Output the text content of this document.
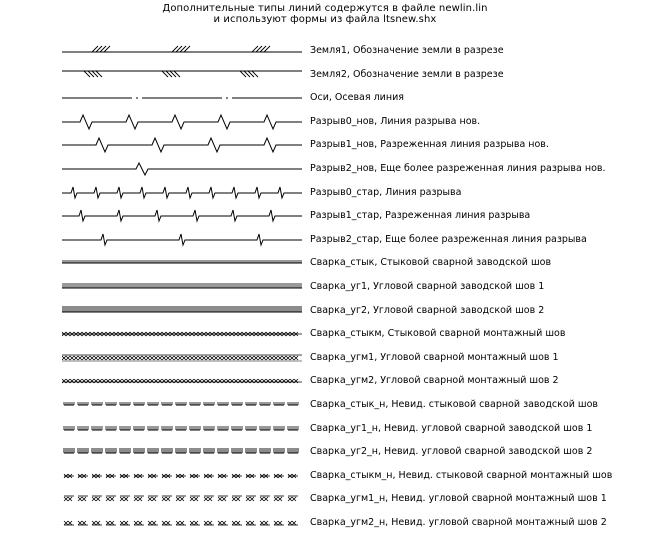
Дополнительные типы линий содержутся в файле newlin.lin
и используют формы из файла ltsnew.shx
Земля1, Обозначение земли в разрезе
Земля2, Обозначение земли в разрезе
Оси, Осевая линия
Разрыв0_нов, Линия разрыва нов.
Разрыв1_нов, Разреженная линия разрыва нов.
Разрыв2_нов, Еще более разреженная линия разрыва нов.
Разрыв0_стар, Линия разрыва
Разрыв1_стар, Разреженная линия разрыва
Разрыв2_стар, Еще более разреженная линия разрыва
Сварка_стык, Стыковой сварной заводской шов
Сварка_уг1, Угловой сварной заводской шов 1
Сварка_уг2, Угловой сварной заводской шов 2
Сварка_стыкм, Стыковой сварной монтажный шов
Сварка_угм1, Угловой сварной монтажный шов 1
Сварка_угм2, Угловой сварной монтажный шов 2
Сварка_стык_н, Невид. стыковой сварной заводской шов
Сварка_уг1_н, Невид. угловой сварной заводской шов 1
Сварка_уг2_н, Невид. угловой сварной заводской шов 2
Сварка_стыкм_н, Невид. стыковой сварной монтажный шов
Сварка_угм1_н, Невид. угловой сварной монтажный шов 1
Сварка_угм2_н, Невид. угловой сварной монтажный шов 2
